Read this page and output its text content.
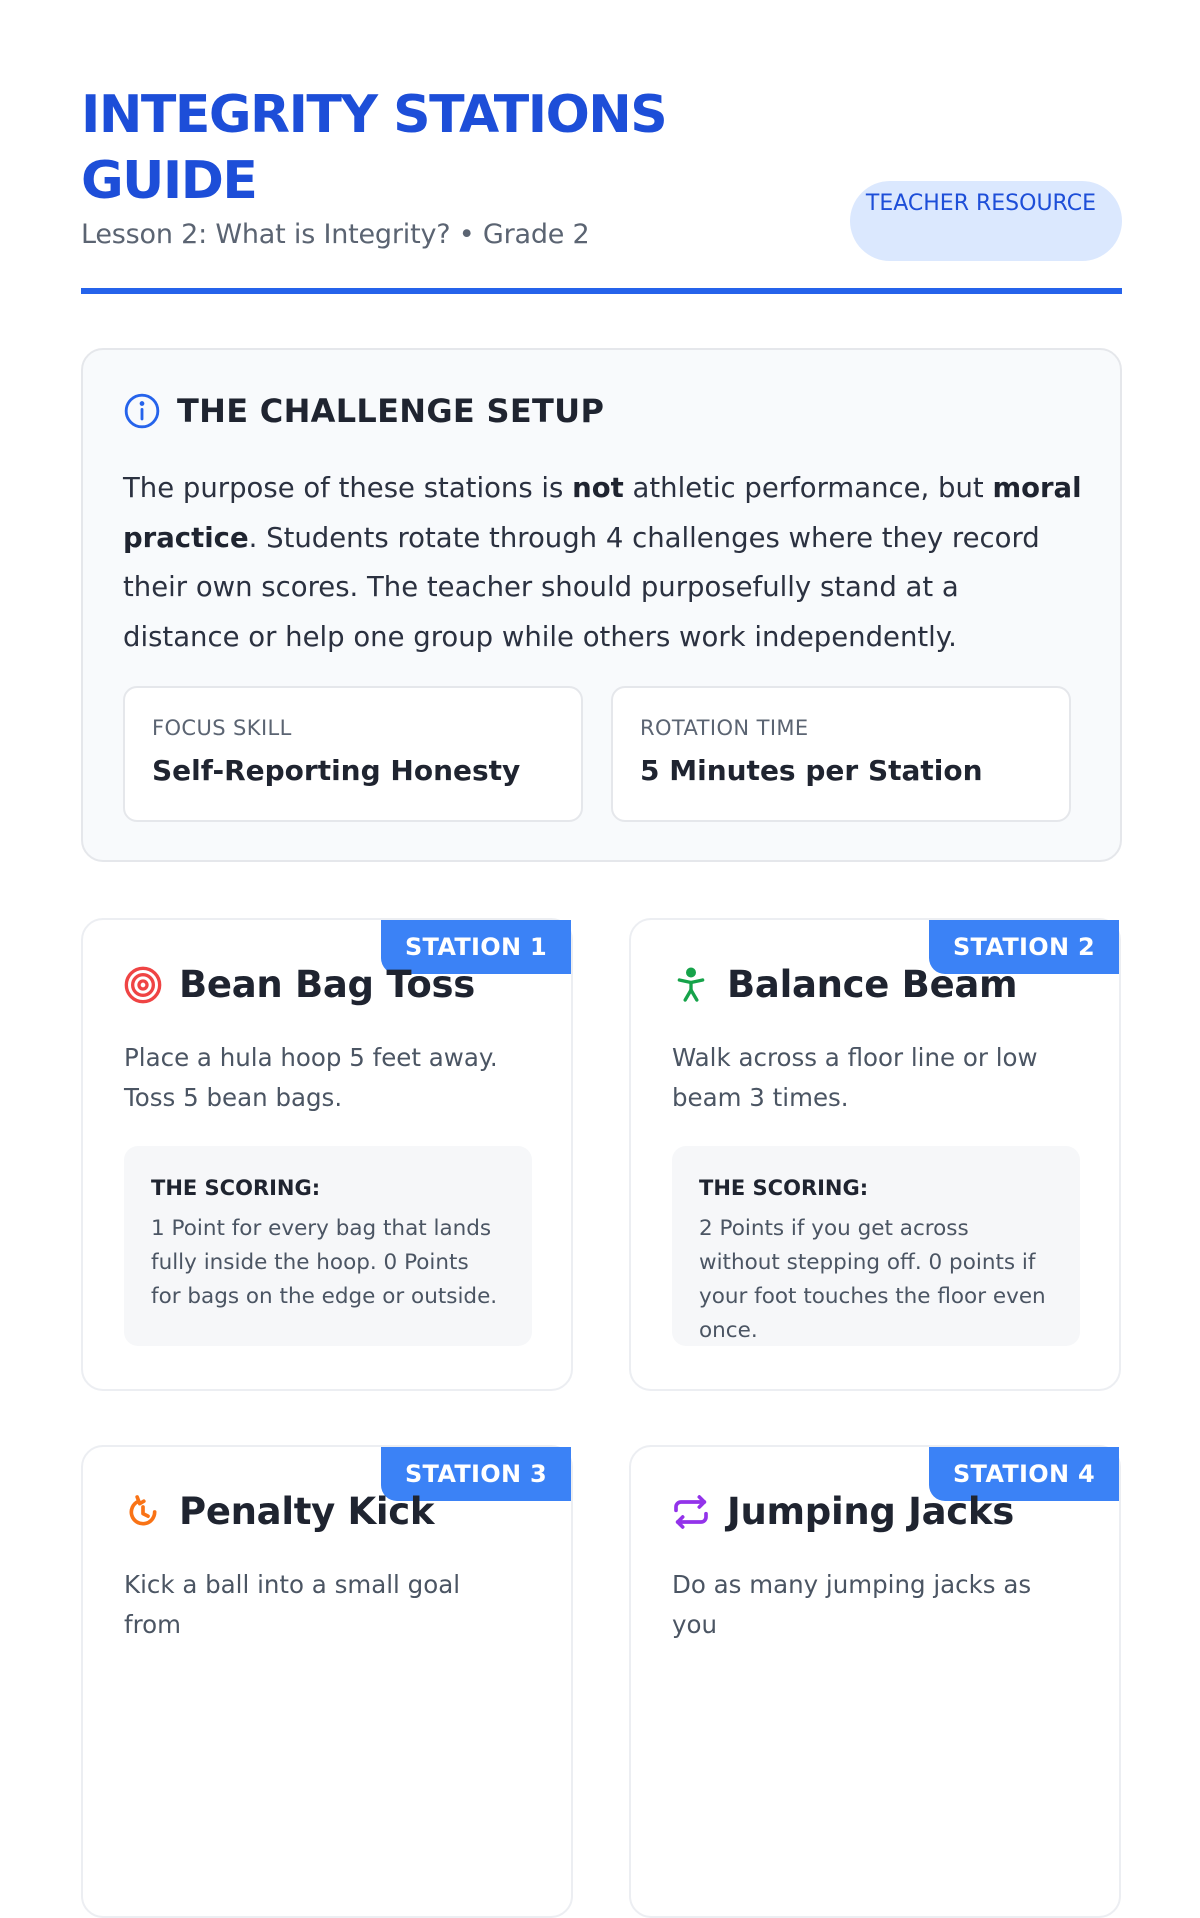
INTEGRITY STATIONS GUIDE
Lesson 2: What is Integrity? • Grade 2
TEACHER RESOURCE
THE CHALLENGE SETUP

The purpose of these stations is not athletic performance, but moral practice. Students rotate through 4 challenges where they record their own scores. The teacher should purposefully stand at a distance or help one group while others work independently.

FOCUS SKILL
Self-Reporting Honesty
ROTATION TIME
5 Minutes per Station
STATION 1
Bean Bag Toss

Place a hula hoop 5 feet away. Toss 5 bean bags.

THE SCORING:
1 Point for every bag that lands fully inside the hoop. 0 Points for bags on the edge or outside.
STATION 2
Balance Beam

Walk across a floor line or low beam 3 times.

THE SCORING:
2 Points if you get across without stepping off. 0 points if your foot touches the floor even once.
STATION 3
Penalty Kick

Kick a ball into a small goal from

STATION 4
Jumping Jacks

Do as many jumping jacks as you
